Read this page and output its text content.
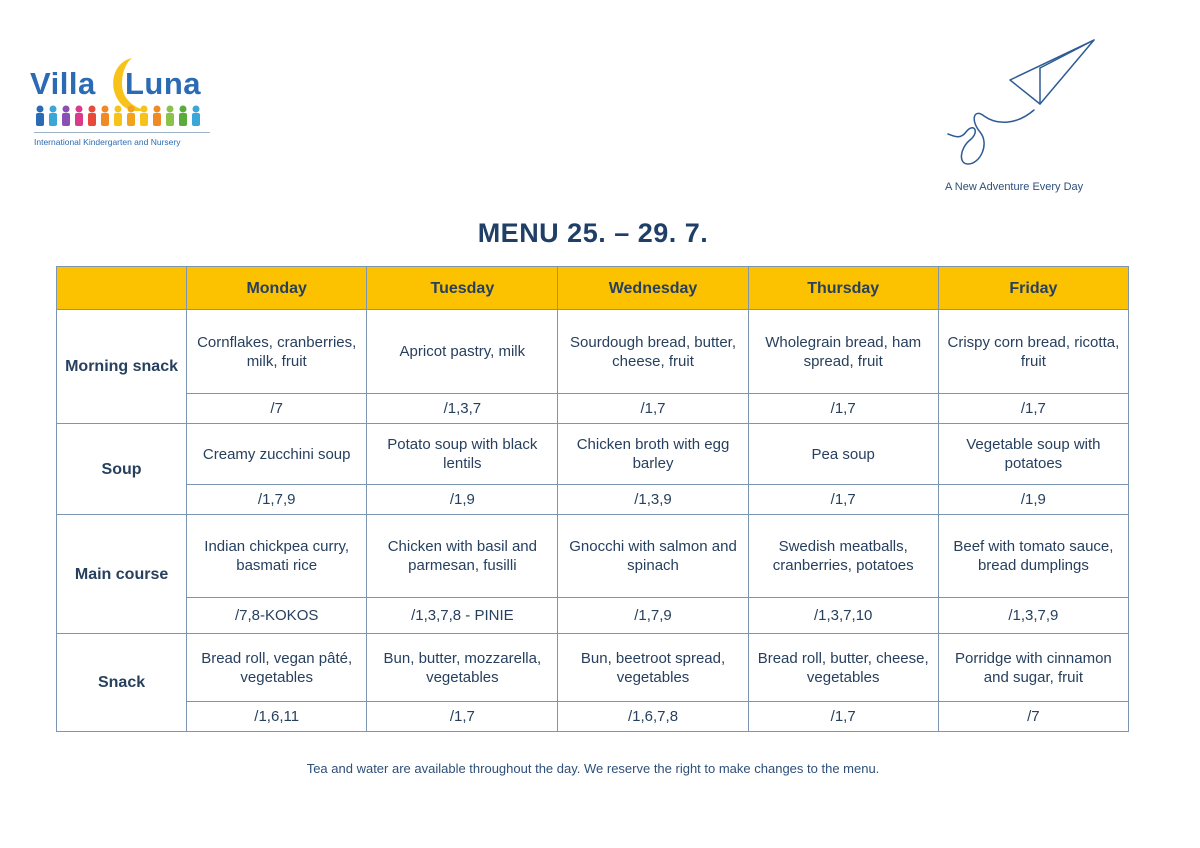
Villa Luna
International Kindergarten and Nursery
A New Adventure Every Day
MENU 25. – 29. 7.
	Monday	Tuesday	Wednesday	Thursday	Friday
Morning snack	Cornflakes, cranberries, milk, fruit	Apricot pastry, milk	Sourdough bread, butter, cheese, fruit	Wholegrain bread, ham spread, fruit	Crispy corn bread, ricotta, fruit
	/7	/1,3,7	/1,7	/1,7	/1,7
Soup	Creamy zucchini soup	Potato soup with black lentils	Chicken broth with egg barley	Pea soup	Vegetable soup with potatoes
	/1,7,9	/1,9	/1,3,9	/1,7	/1,9
Main course	Indian chickpea curry, basmati rice	Chicken with basil and parmesan, fusilli	Gnocchi with salmon and spinach	Swedish meatballs, cranberries, potatoes	Beef with tomato sauce, bread dumplings
	/7,8-KOKOS	/1,3,7,8 - PINIE	/1,7,9	/1,3,7,10	/1,3,7,9
Snack	Bread roll, vegan pâté, vegetables	Bun, butter, mozzarella, vegetables	Bun, beetroot spread, vegetables	Bread roll, butter, cheese, vegetables	Porridge with cinnamon and sugar, fruit
	/1,6,11	/1,7	/1,6,7,8	/1,7	/7
Tea and water are available throughout the day. We reserve the right to make changes to the menu.
